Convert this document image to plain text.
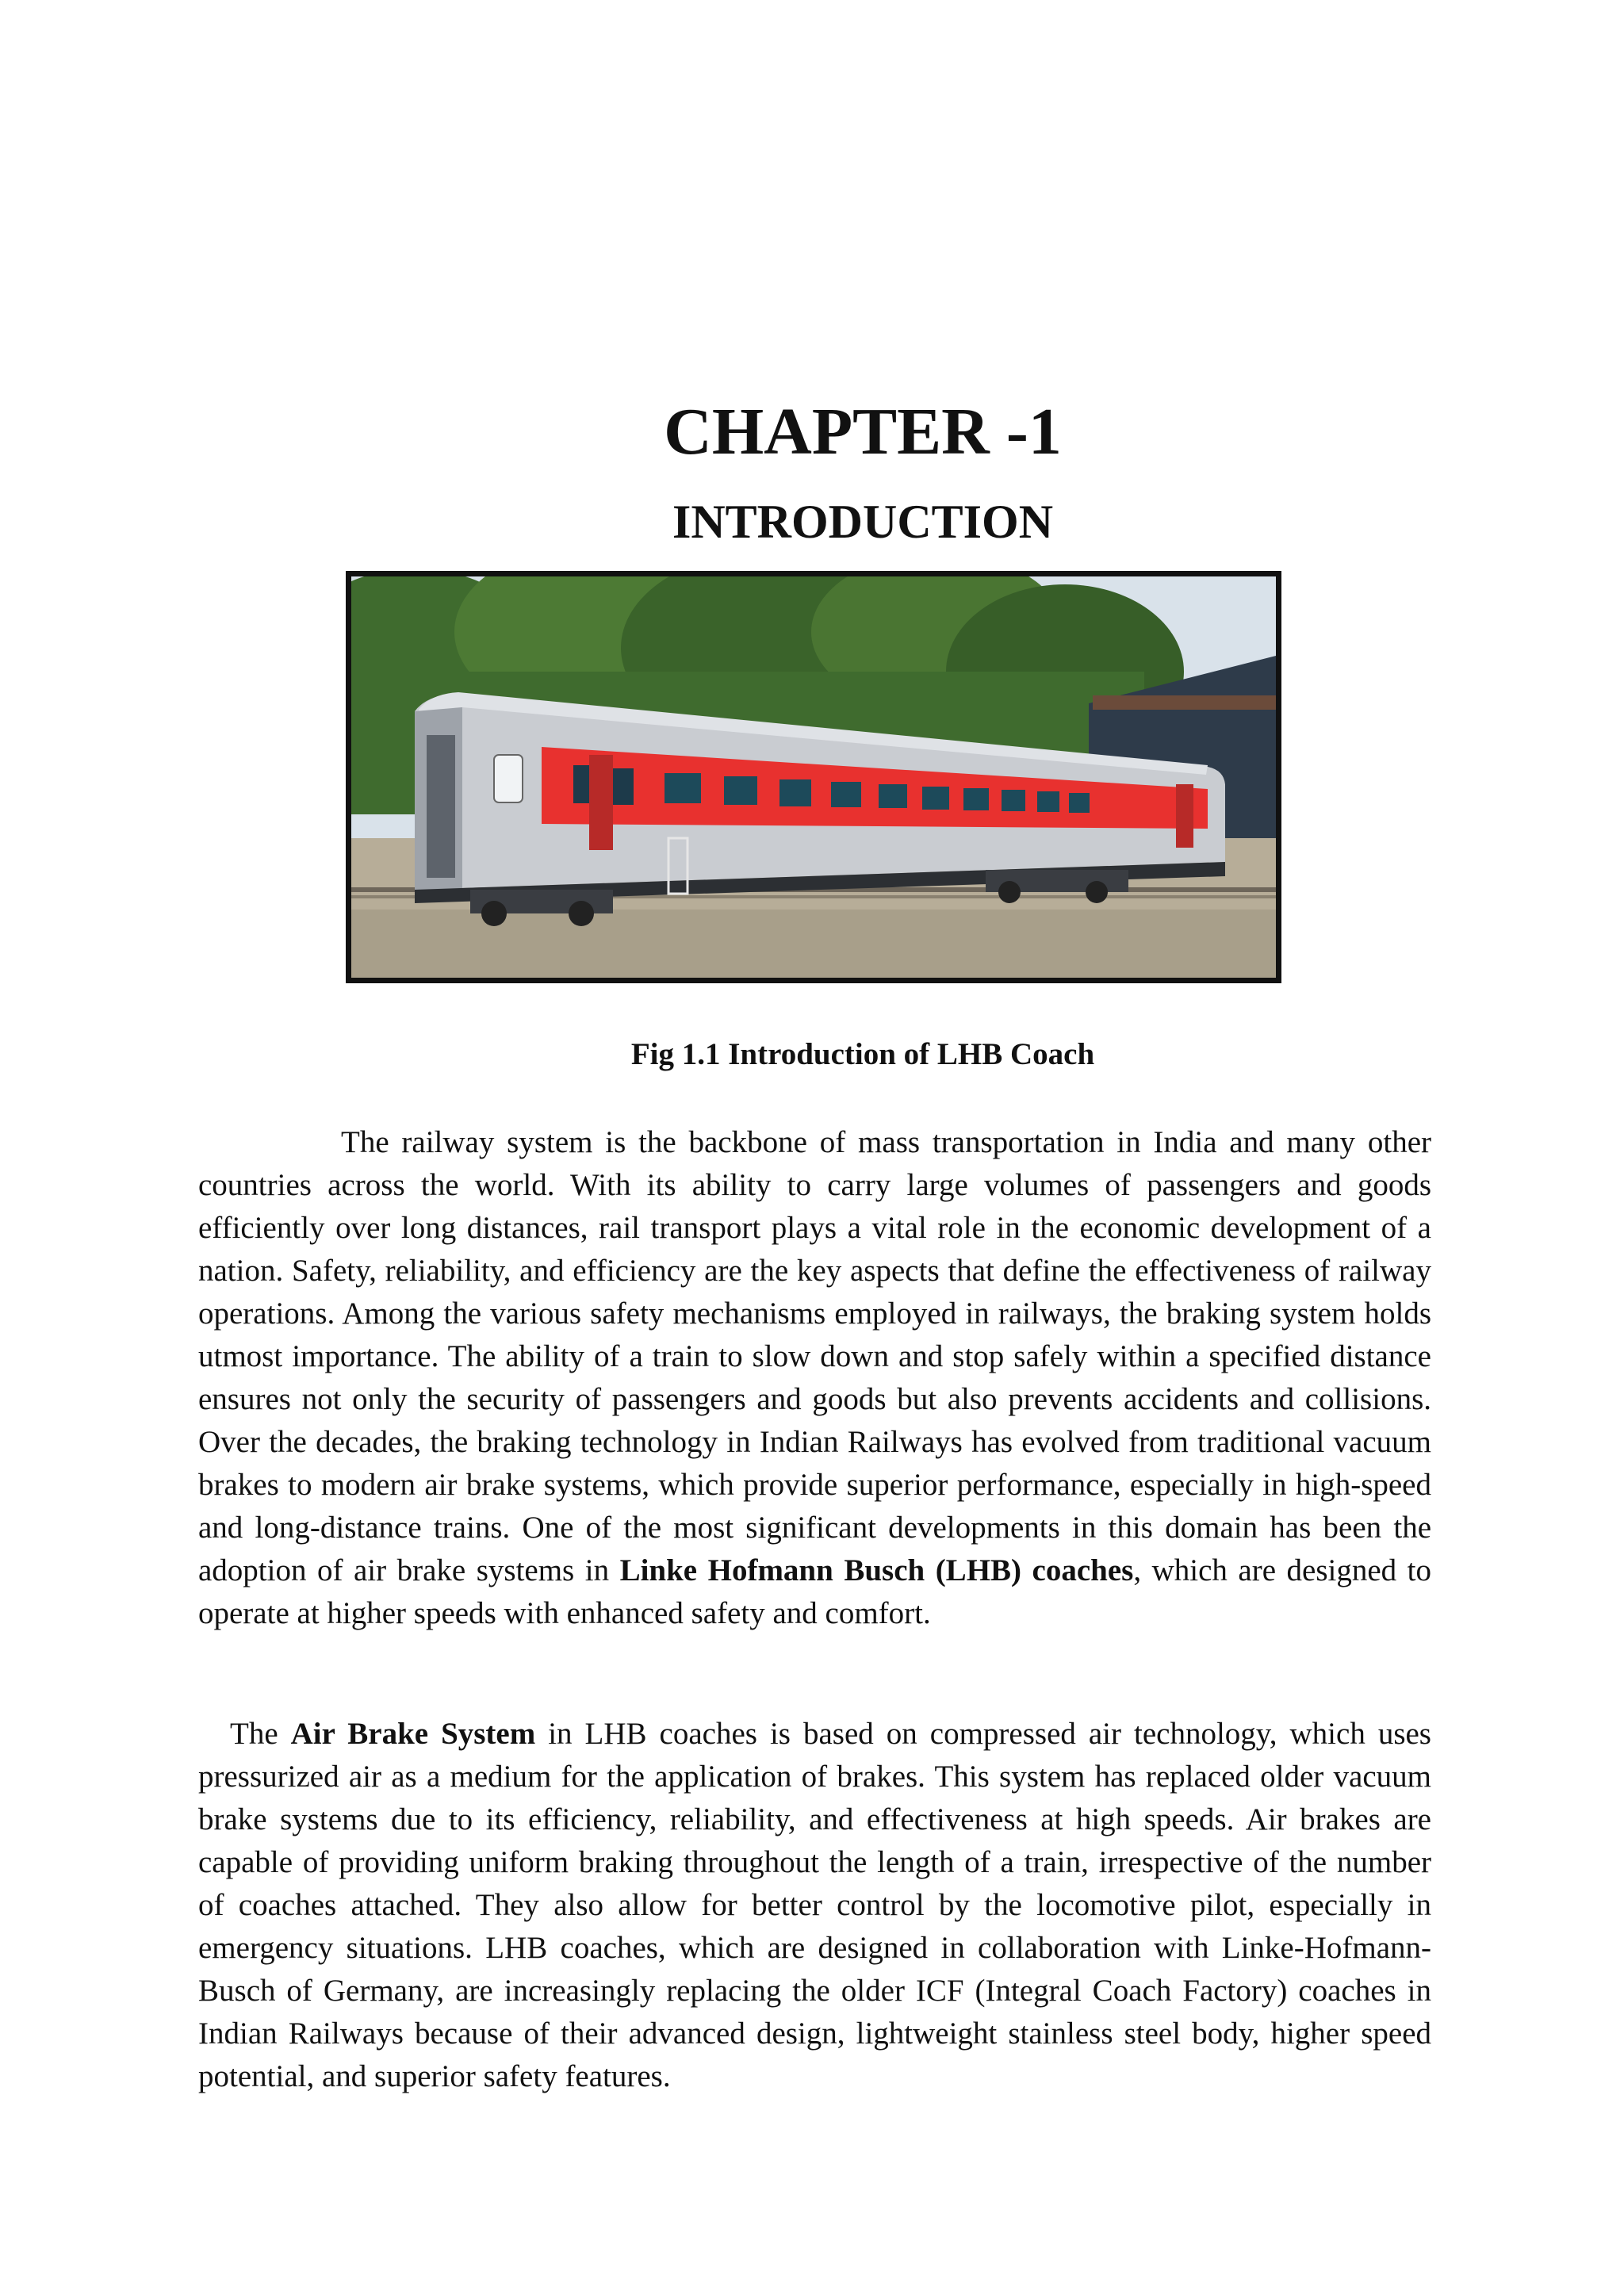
CHAPTER -1
INTRODUCTION

Fig 1.1 Introduction of LHB Coach

The railway system is the backbone of mass transportation in India and many other countries across the world. With its ability to carry large volumes of passengers and goods efficiently over long distances, rail transport plays a vital role in the economic development of a nation. Safety, reliability, and efficiency are the key aspects that define the effectiveness of railway operations. Among the various safety mechanisms employed in railways, the braking system holds utmost importance. The ability of a train to slow down and stop safely within a specified distance ensures not only the security of passengers and goods but also prevents accidents and collisions. Over the decades, the braking technology in Indian Railways has evolved from traditional vacuum brakes to modern air brake systems, which provide superior performance, especially in high-speed and long-distance trains. One of the most significant developments in this domain has been the adoption of air brake systems in Linke Hofmann Busch (LHB) coaches, which are designed to operate at higher speeds with enhanced safety and comfort.

The Air Brake System in LHB coaches is based on compressed air technology, which uses pressurized air as a medium for the application of brakes. This system has replaced older vacuum brake systems due to its efficiency, reliability, and effectiveness at high speeds. Air brakes are capable of providing uniform braking throughout the length of a train, irrespective of the number of coaches attached. They also allow for better control by the locomotive pilot, especially in emergency situations. LHB coaches, which are designed in collaboration with Linke-Hofmann-Busch of Germany, are increasingly replacing the older ICF (Integral Coach Factory) coaches in Indian Railways because of their advanced design, lightweight stainless steel body, higher speed potential, and superior safety features.
